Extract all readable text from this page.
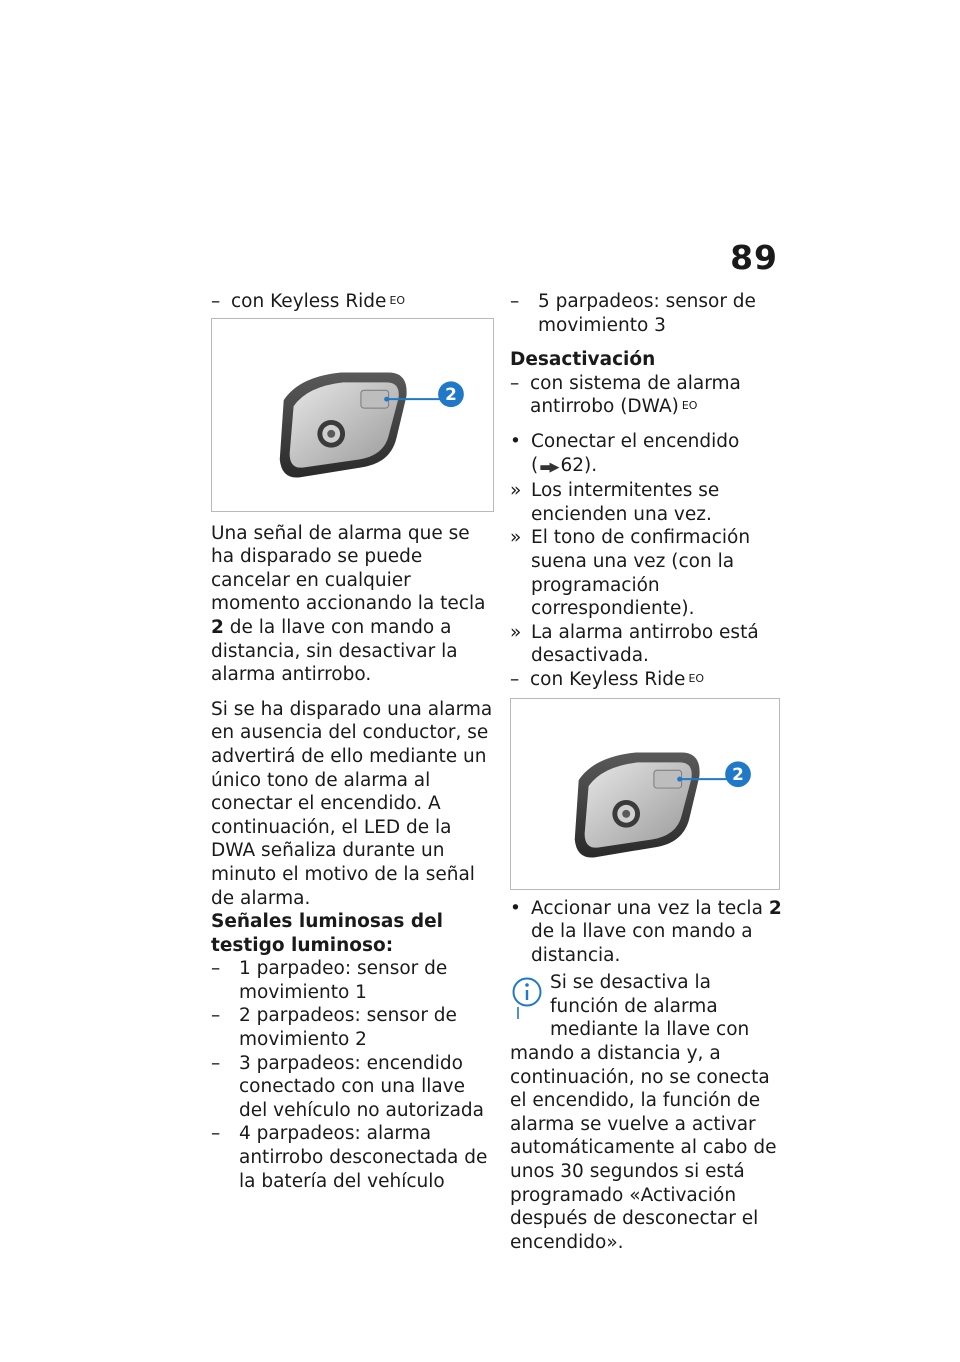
89

– con Keyless Ride $^{EO}$

2

Una señal de alarma que se ha disparado se puede cancelar en cualquier momento accionando la tecla 2 de la llave con mando a distancia, sin desactivar la alarma antirrobo.

Si se ha disparado una alarma en ausencia del conductor, se advertirá de ello mediante un único tono de alarma al conectar el encendido. A continuación, el LED de la DWA señaliza durante un minuto el motivo de la señal de alarma.

Señales luminosas del testigo luminoso:

– 1 parpadeo: sensor de movimiento 1

– 2 parpadeos: sensor de movimiento 2

– 3 parpadeos: encendido conectado con una llave del vehículo no autorizada

– 4 parpadeos: alarma antirrobo desconectada de la batería del vehículo

– 5 parpadeos: sensor de movimiento 3

Desactivación

– con sistema de alarma antirrobo (DWA) $^{EO}$

• Conectar el encendido
(▬▶ 62).

» Los intermitentes se encienden una vez.

» El tono de confirmación suena una vez (con la programación correspondiente).

» La alarma antirrobo está desactivada.

– con Keyless Ride $^{EO}$

2

• Accionar una vez la tecla 2 de la llave con mando a distancia.

Si se desactiva la función de alarma mediante la llave con mando a distancia y, a continuación, no se conecta el encendido, la función de alarma se vuelve a activar automáticamente al cabo de unos 30 segundos si está programado «Activación después de desconectar el encendido».
